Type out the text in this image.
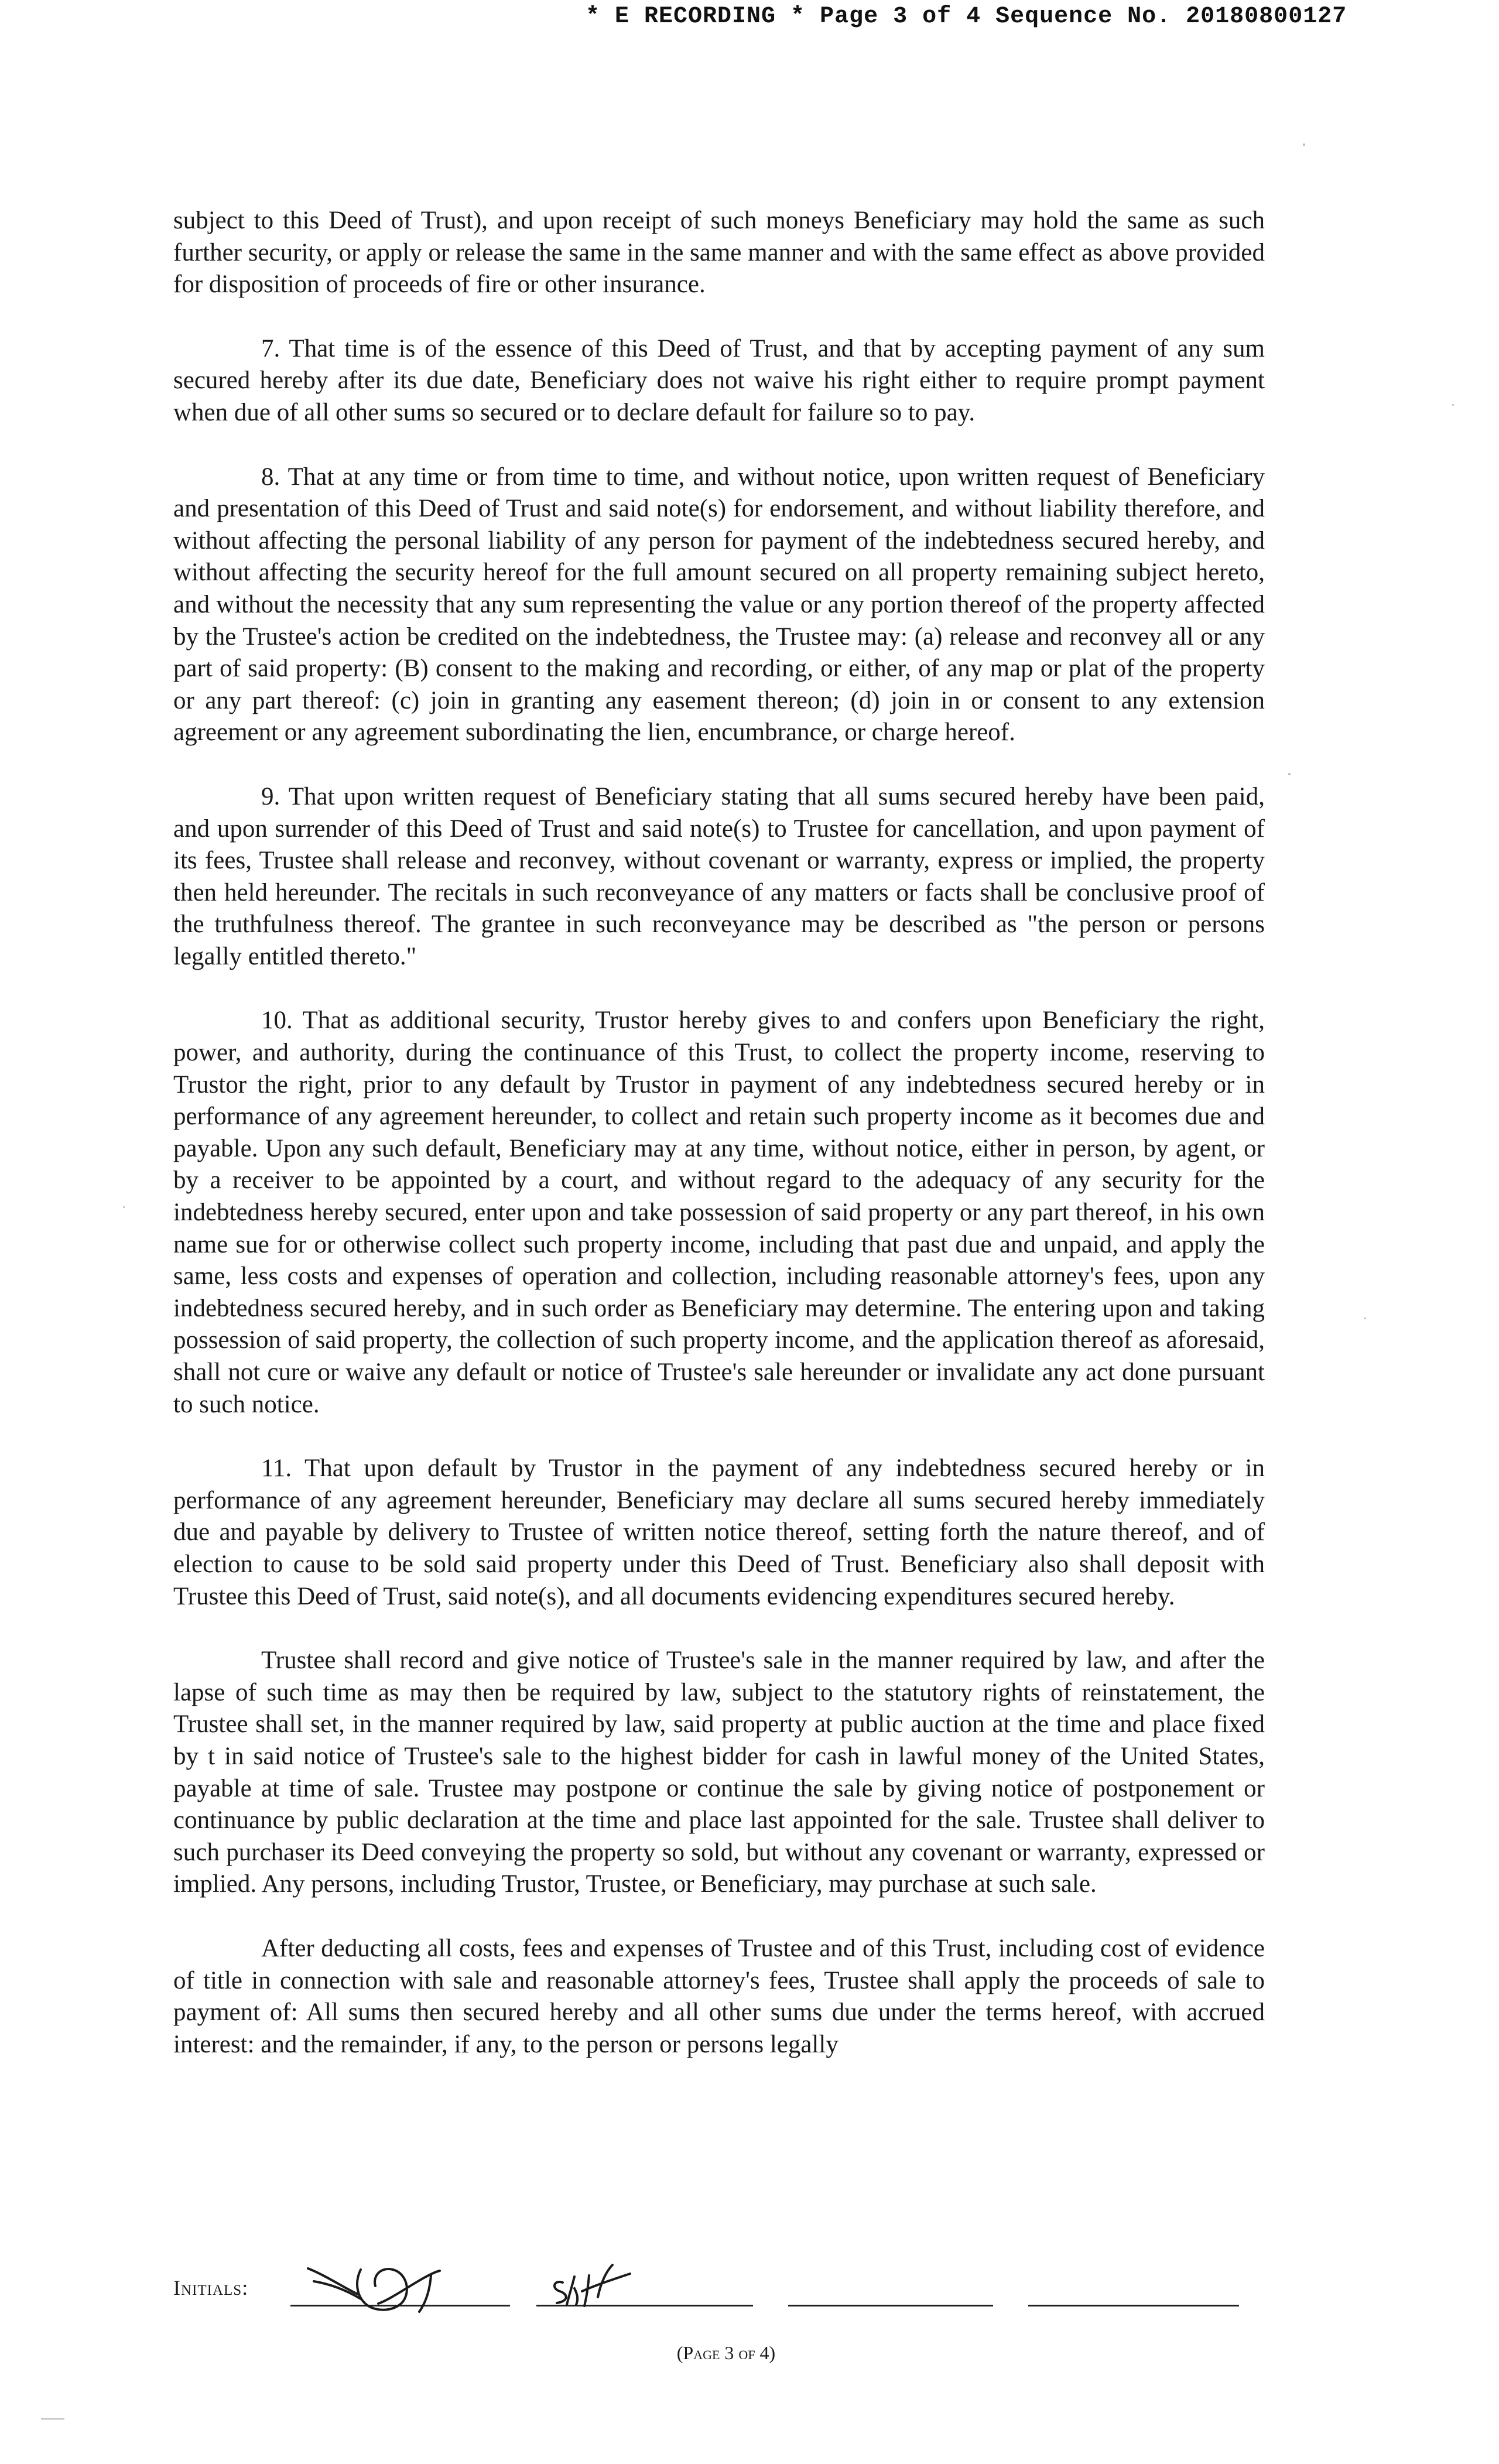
* E RECORDING * Page 3 of 4 Sequence No. 20180800127

subject to this Deed of Trust), and upon receipt of such moneys Beneficiary may hold the same as such further security, or apply or release the same in the same manner and with the same effect as above provided for disposition of proceeds of fire or other insurance.

7. That time is of the essence of this Deed of Trust, and that by accepting payment of any sum secured hereby after its due date, Beneficiary does not waive his right either to require prompt payment when due of all other sums so secured or to declare default for failure so to pay.

8. That at any time or from time to time, and without notice, upon written request of Beneficiary and presentation of this Deed of Trust and said note(s) for endorsement, and without liability therefore, and without affecting the personal liability of any person for payment of the indebtedness secured hereby, and without affecting the security hereof for the full amount secured on all property remaining subject hereto, and without the necessity that any sum representing the value or any portion thereof of the property affected by the Trustee's action be credited on the indebtedness, the Trustee may: (a) release and reconvey all or any part of said property: (B) consent to the making and recording, or either, of any map or plat of the property or any part thereof: (c) join in granting any easement thereon; (d) join in or consent to any extension agreement or any agreement subordinating the lien, encumbrance, or charge hereof.

9. That upon written request of Beneficiary stating that all sums secured hereby have been paid, and upon surrender of this Deed of Trust and said note(s) to Trustee for cancellation, and upon payment of its fees, Trustee shall release and reconvey, without covenant or warranty, express or implied, the property then held hereunder. The recitals in such reconveyance of any matters or facts shall be conclusive proof of the truthfulness thereof. The grantee in such reconveyance may be described as "the person or persons legally entitled thereto."

10. That as additional security, Trustor hereby gives to and confers upon Beneficiary the right, power, and authority, during the continuance of this Trust, to collect the property income, reserving to Trustor the right, prior to any default by Trustor in payment of any indebtedness secured hereby or in performance of any agreement hereunder, to collect and retain such property income as it becomes due and payable. Upon any such default, Beneficiary may at any time, without notice, either in person, by agent, or by a receiver to be appointed by a court, and without regard to the adequacy of any security for the indebtedness hereby secured, enter upon and take possession of said property or any part thereof, in his own name sue for or otherwise collect such property income, including that past due and unpaid, and apply the same, less costs and expenses of operation and collection, including reasonable attorney's fees, upon any indebtedness secured hereby, and in such order as Beneficiary may determine. The entering upon and taking possession of said property, the collection of such property income, and the application thereof as aforesaid, shall not cure or waive any default or notice of Trustee's sale hereunder or invalidate any act done pursuant to such notice.

11. That upon default by Trustor in the payment of any indebtedness secured hereby or in performance of any agreement hereunder, Beneficiary may declare all sums secured hereby immediately due and payable by delivery to Trustee of written notice thereof, setting forth the nature thereof, and of election to cause to be sold said property under this Deed of Trust. Beneficiary also shall deposit with Trustee this Deed of Trust, said note(s), and all documents evidencing expenditures secured hereby.

Trustee shall record and give notice of Trustee's sale in the manner required by law, and after the lapse of such time as may then be required by law, subject to the statutory rights of reinstatement, the Trustee shall set, in the manner required by law, said property at public auction at the time and place fixed by t in said notice of Trustee's sale to the highest bidder for cash in lawful money of the United States, payable at time of sale. Trustee may postpone or continue the sale by giving notice of postponement or continuance by public declaration at the time and place last appointed for the sale. Trustee shall deliver to such purchaser its Deed conveying the property so sold, but without any covenant or warranty, expressed or implied. Any persons, including Trustor, Trustee, or Beneficiary, may purchase at such sale.

After deducting all costs, fees and expenses of Trustee and of this Trust, including cost of evidence of title in connection with sale and reasonable attorney's fees, Trustee shall apply the proceeds of sale to payment of: All sums then secured hereby and all other sums due under the terms hereof, with accrued interest: and the remainder, if any, to the person or persons legally

Initials:
(Page 3 of 4)
